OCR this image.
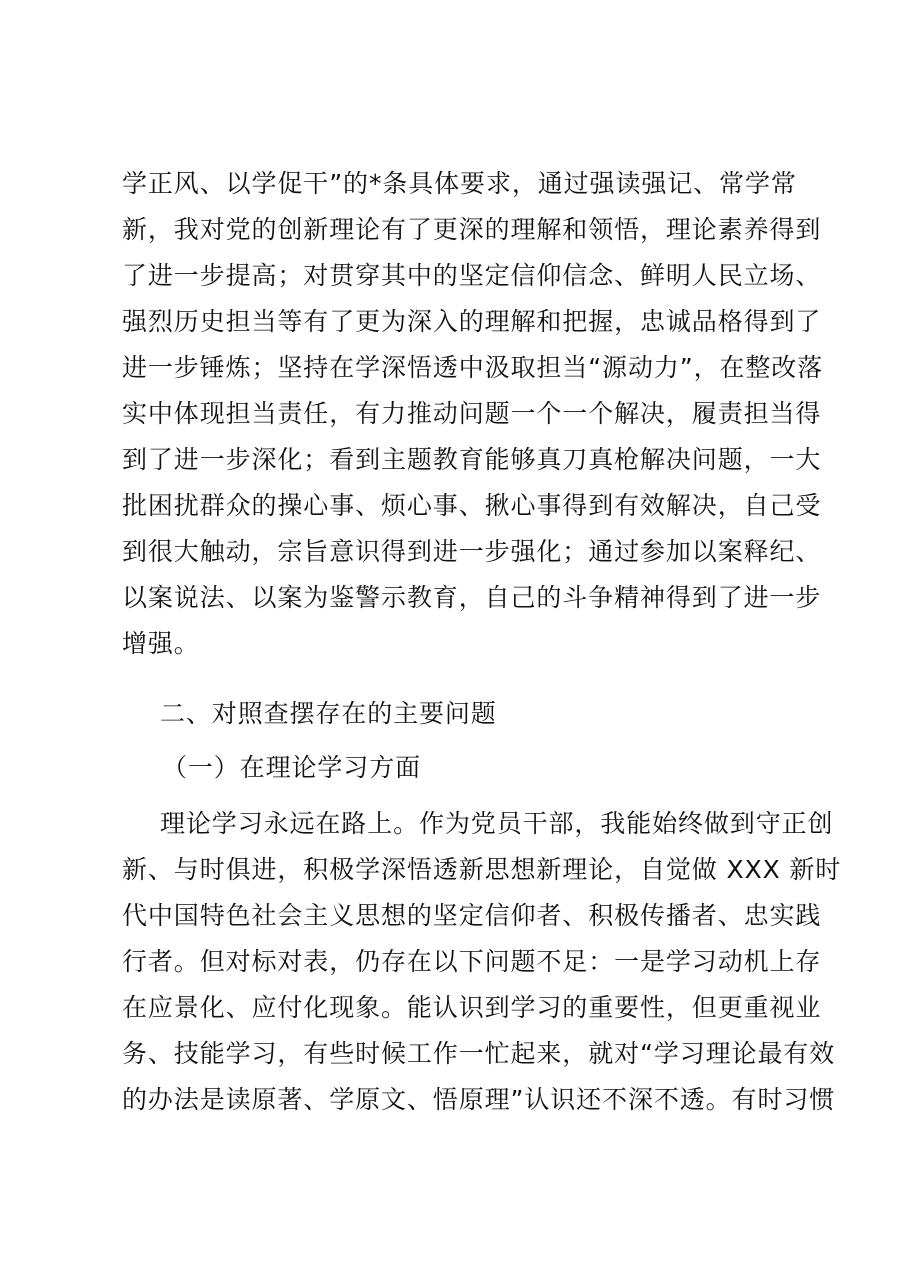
学正风、以学促干”的*条具体要求，通过强读强记、常学常
新，我对党的创新理论有了更深的理解和领悟，理论素养得到
了进一步提高；对贯穿其中的坚定信仰信念、鲜明人民立场、
强烈历史担当等有了更为深入的理解和把握，忠诚品格得到了
进一步锤炼；坚持在学深悟透中汲取担当“源动力”，在整改落
实中体现担当责任，有力推动问题一个一个解决，履责担当得
到了进一步深化；看到主题教育能够真刀真枪解决问题，一大
批困扰群众的操心事、烦心事、揪心事得到有效解决，自己受
到很大触动，宗旨意识得到进一步强化；通过参加以案释纪、
以案说法、以案为鉴警示教育，自己的斗争精神得到了进一步
增强。
二、对照查摆存在的主要问题
（一）在理论学习方面
理论学习永远在路上。作为党员干部，我能始终做到守正创
新、与时俱进，积极学深悟透新思想新理论，自觉做 XXX 新时
代中国特色社会主义思想的坚定信仰者、积极传播者、忠实践
行者。但对标对表，仍存在以下问题不足：一是学习动机上存
在应景化、应付化现象。能认识到学习的重要性，但更重视业
务、技能学习，有些时候工作一忙起来，就对“学习理论最有效
的办法是读原著、学原文、悟原理”认识还不深不透。有时习惯
